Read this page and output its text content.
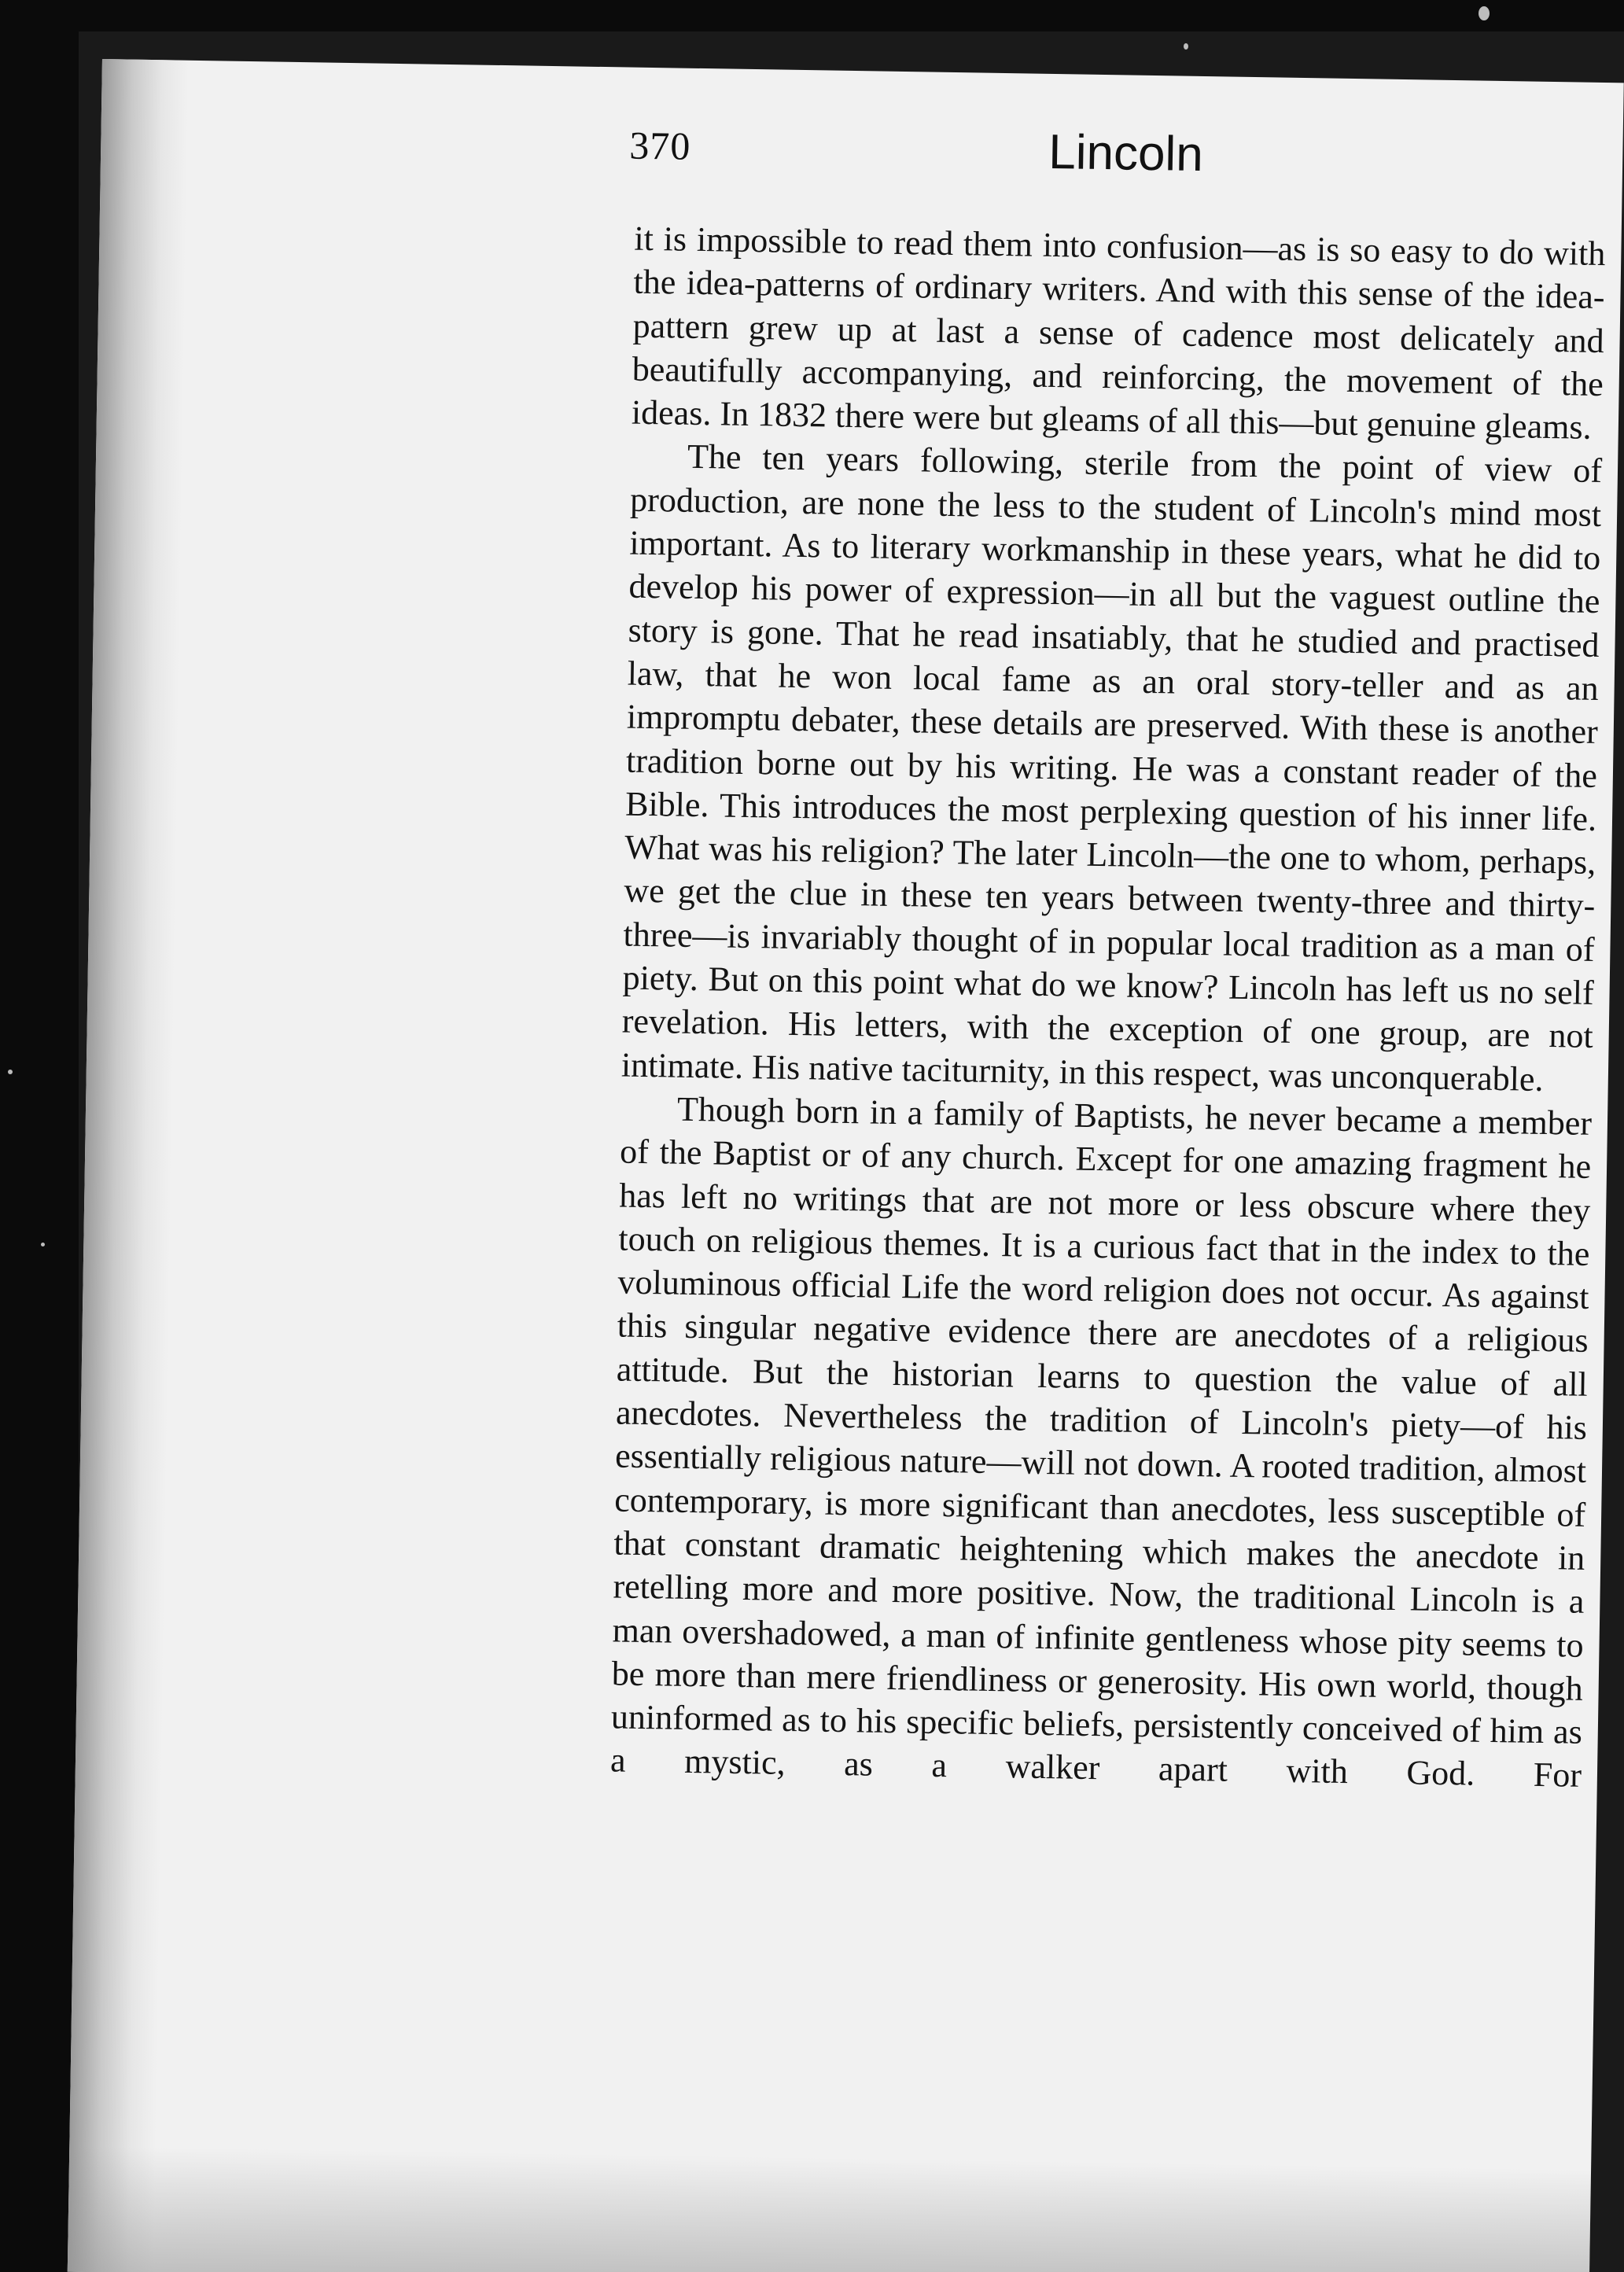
370	Lincoln

it is impossible to read them into confusion—as is so easy to do with the idea-patterns of ordinary writers. And with this sense of the idea-pattern grew up at last a sense of cadence most delicately and beautifully accompanying, and reinforcing, the movement of the ideas. In 1832 there were but gleams of all this—but genuine gleams.

The ten years following, sterile from the point of view of production, are none the less to the student of Lincoln's mind most important. As to literary workmanship in these years, what he did to develop his power of expression—in all but the vaguest outline the story is gone. That he read insatiably, that he studied and practised law, that he won local fame as an oral story-teller and as an impromptu debater, these details are preserved. With these is another tradition borne out by his writing. He was a constant reader of the Bible. This introduces the most perplexing question of his inner life. What was his religion? The later Lincoln—the one to whom, perhaps, we get the clue in these ten years between twenty-three and thirty-three—is invariably thought of in popular local tradition as a man of piety. But on this point what do we know? Lincoln has left us no self revelation. His letters, with the exception of one group, are not intimate. His native taciturnity, in this respect, was unconquerable.

Though born in a family of Baptists, he never became a member of the Baptist or of any church. Except for one amazing fragment he has left no writings that are not more or less obscure where they touch on religious themes. It is a curious fact that in the index to the voluminous official Life the word religion does not occur. As against this singular negative evidence there are anecdotes of a religious attitude. But the historian learns to question the value of all anecdotes. Nevertheless the tradition of Lincoln's piety—of his essentially religious nature—will not down. A rooted tradition, almost contemporary, is more significant than anecdotes, less susceptible of that constant dramatic heightening which makes the anecdote in retelling more and more positive. Now, the traditional Lincoln is a man overshadowed, a man of infinite gentleness whose pity seems to be more than mere friendliness or generosity. His own world, though uninformed as to his specific beliefs, persistently conceived of him as a mystic, as a walker apart with God. For
